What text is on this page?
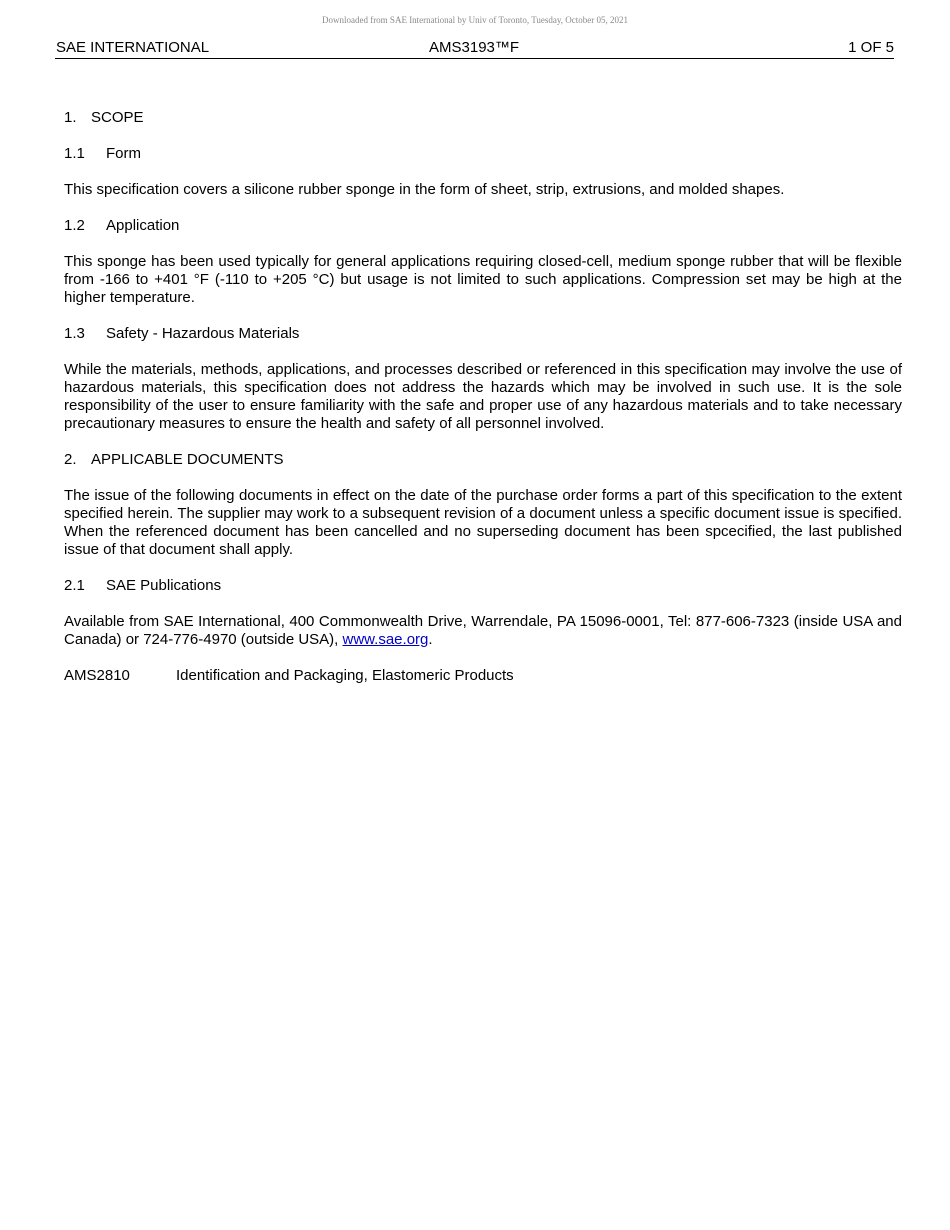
Downloaded from SAE International by Univ of Toronto, Tuesday, October 05, 2021
SAE INTERNATIONAL	AMS3193™F	1 OF 5
1. SCOPE
1.1	Form

This specification covers a silicone rubber sponge in the form of sheet, strip, extrusions, and molded shapes.

1.2	Application

This sponge has been used typically for general applications requiring closed-cell, medium sponge rubber that will be flexible from -166 to +401 °F (-110 to +205 °C) but usage is not limited to such applications. Compression set may be high at the higher temperature.

1.3	Safety - Hazardous Materials

While the materials, methods, applications, and processes described or referenced in this specification may involve the use of hazardous materials, this specification does not address the hazards which may be involved in such use. It is the sole responsibility of the user to ensure familiarity with the safe and proper use of any hazardous materials and to take necessary precautionary measures to ensure the health and safety of all personnel involved.

2. APPLICABLE DOCUMENTS

The issue of the following documents in effect on the date of the purchase order forms a part of this specification to the extent specified herein. The supplier may work to a subsequent revision of a document unless a specific document issue is specified. When the referenced document has been cancelled and no superseding document has been spcecified, the last published issue of that document shall apply.

2.1	SAE Publications

Available from SAE International, 400 Commonwealth Drive, Warrendale, PA 15096-0001, Tel: 877-606-7323 (inside USA and Canada) or 724-776-4970 (outside USA), www.sae.org.

AMS2810	Identification and Packaging, Elastomeric Products
